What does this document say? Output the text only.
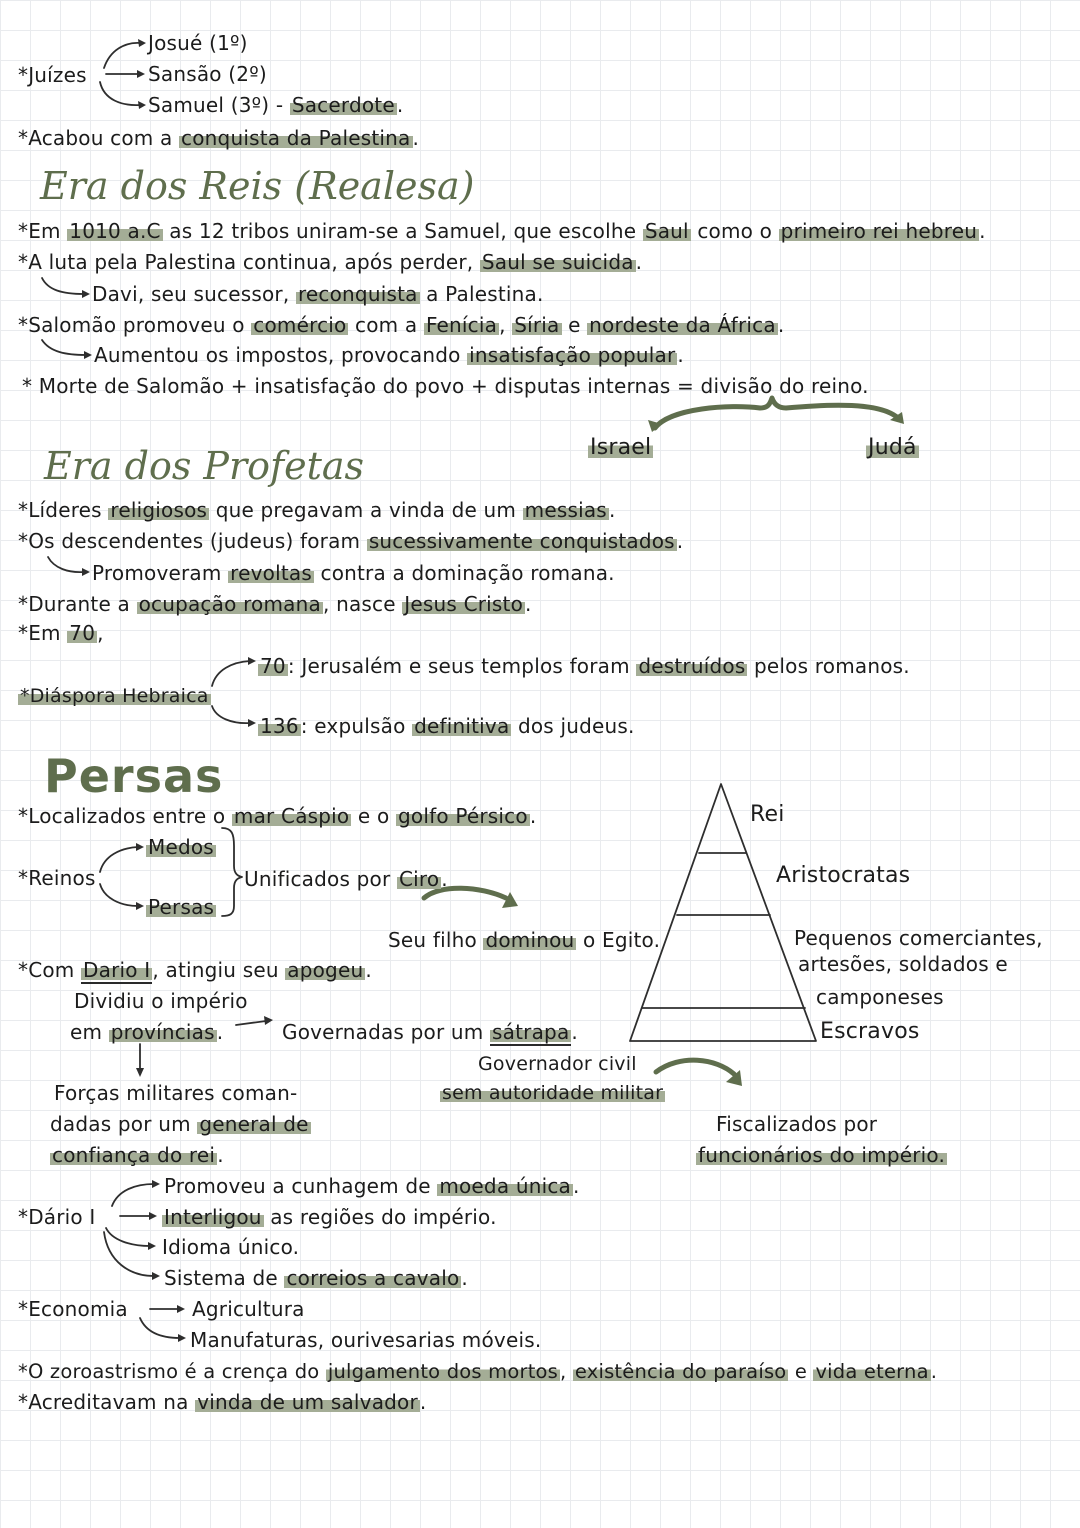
*Juízes
Josué (1º)
Sansão (2º)
Samuel (3º) - Sacerdote .
*Acabou com a conquista da Palestina .
Era dos Reis (Realesa)
*Em 1010 a.C as 12 tribos uniram-se a Samuel, que escolhe Saul como o primeiro rei hebreu .
*A luta pela Palestina continua, após perder, Saul se suicida .
Davi, seu sucessor, reconquista a Palestina.
*Salomão promoveu o comércio com a Fenícia , Síria e nordeste da África .
Aumentou os impostos, provocando insatisfação popular .
* Morte de Salomão + insatisfação do povo + disputas internas = divisão do reino.
Israel	Judá
Era dos Profetas
*Líderes religiosos que pregavam a vinda de um messias .
*Os descendentes (judeus) foram sucessivamente conquistados .
Promoveram revoltas contra a dominação romana.
*Durante a ocupação romana , nasce Jesus Cristo .
*Em 70 ,
*Diáspora Hebraica
70 : Jerusalém e seus templos foram destruídos pelos romanos.
136 : expulsão definitiva dos judeus.
Persas
*Localizados entre o mar Cáspio e o golfo Pérsico .
*Reinos
Medos
Persas
Unificados por Ciro .
Seu filho dominou o Egito.
*Com Dario I , atingiu seu apogeu .
Dividiu o império
em províncias .	Governadas por um sátrapa .
Governador civil
sem autoridade militar
Forças militares coman-
dadas por um general de
confiança do rei .
Fiscalizados por
funcionários do império.
Rei
Aristocratas
Pequenos comerciantes,
artesões, soldados e
camponeses
Escravos
*Dário I
Promoveu a cunhagem de moeda única .
Interligou as regiões do império.
Idioma único.
Sistema de correios a cavalo .
*Economia	Agricultura
Manufaturas, ourivesarias móveis.
*O zoroastrismo é a crença do julgamento dos mortos , existência do paraíso e vida eterna .
*Acreditavam na vinda de um salvador .
